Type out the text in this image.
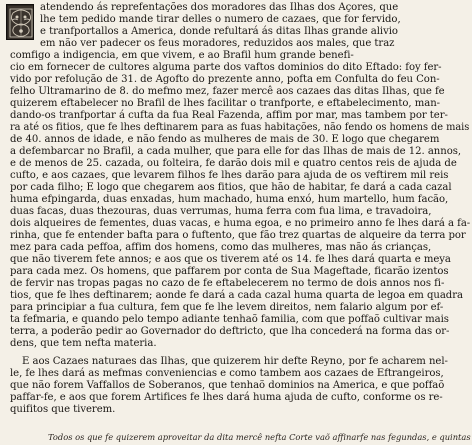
atendendo ás reprefentações dos moradores das Ilhas dos Açores, que
lhe tem pedido mande tirar delles o numero de cazaes, que for fervido,
e tranfportallos a America, donde refultará ás ditas Ilhas grande alivio
em não ver padecer os feus moradores, reduzidos aos males, que traz
comfigo a indigencia, em que vivem, e ao Brafil hum grande benefi-
cio em fornecer de cultores alguma parte dos vaftos dominios do dito Eftado: foy fer-
vido por refolução de 31. de Agofto do prezente anno, pofta em Confulta do feu Con-
felho Ultramarino de 8. do mefmo mez, fazer mercê aos cazaes das ditas Ilhas, que fe
quizerem eftabelecer no Brafil de lhes facilitar o tranfporte, e eftabelecimento, man-
dando-os tranfportar á cufta da fua Real Fazenda, affim por mar, mas tambem por ter-
ra até os fitios, que fe lhes deftinarem para as fuas habitações, não fendo os homens de mais
de 40. annos de idade, e não fendo as mulheres de mais de 30. E logo que chegarem
a defembarcar no Brafil, a cada mulher, que para elle for das Ilhas de mais de 12. annos,
e de menos de 25. cazada, ou folteira, fe darão dois mil e quatro centos reis de ajuda de
cufto, e aos cazaes, que levarem filhos fe lhes darão para ajuda de os veftirem mil reis
por cada filho; E logo que chegarem aos fitios, que hão de habitar, fe dará a cada cazal
huma efpingarda, duas enxadas, hum machado, huma enxó, hum martello, hum facão,
duas facas, duas thezouras, duas verrumas, huma ferra com fua lima, e travadoira,
dois alqueires de fementes, duas vacas, e huma egoa, e no primeiro anno fe lhes dará a fa-
rinha, que fe entender bafta para o fuftento, que fão trez quartas de alqueire da terra por
mez para cada peffoa, affim dos homens, como das mulheres, mas não ás crianças,
que não tiverem fete annos; e aos que os tiverem até os 14. fe lhes dará quarta e meya
para cada mez. Os homens, que paffarem por conta de Sua Mageftade, ficarão izentos
de fervir nas tropas pagas no cazo de fe eftabelecerem no termo de dois annos nos fi-
tios, que fe lhes deftinarem; aonde fe dará a cada cazal huma quarta de legoa em quadra
para principiar a fua cultura, fem que fe lhe levem direitos, nem falario algum por ef-
ta fefmaria, e quando pelo tempo adiante tenhaõ familia, com que poffaõ cultivar mais
terra, a poderão pedir ao Governador do deftricto, que lha concederá na forma das or-
dens, que tem nefta materia.
E aos Cazaes naturaes das Ilhas, que quizerem hir defte Reyno, por fe acharem nel-
le, fe lhes dará as mefmas conveniencias e como tambem aos cazaes de Eftrangeiros,
que não forem Vaffallos de Soberanos, que tenhaõ dominios na America, e que poffaõ
paffar-fe, e aos que forem Artifices fe lhes dará huma ajuda de cufto, conforme os re-
quifitos que tiverem.
Todos os que fe quizerem aproveitar da dita mercê nefta Corte vaõ affinarfe nas fegundas, e quintas
